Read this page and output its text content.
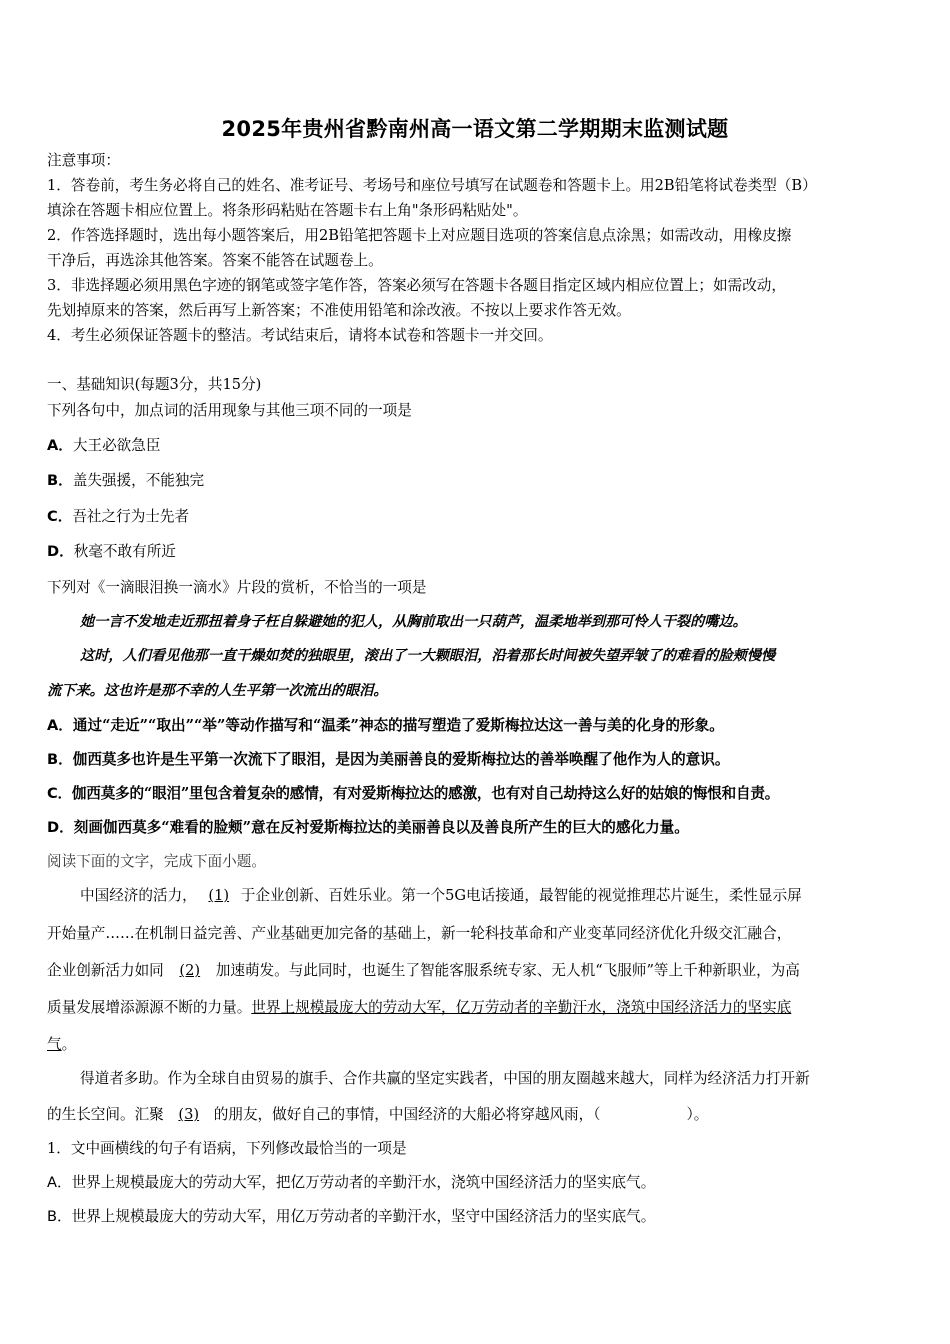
2025年贵州省黔南州高一语文第二学期期末监测试题
注意事项：
1．答卷前，考生务必将自己的姓名、准考证号、考场号和座位号填写在试题卷和答题卡上。用2B铅笔将试卷类型（B）
填涂在答题卡相应位置上。将条形码粘贴在答题卡右上角"条形码粘贴处"。
2．作答选择题时，选出每小题答案后，用2B铅笔把答题卡上对应题目选项的答案信息点涂黑；如需改动，用橡皮擦
干净后，再选涂其他答案。答案不能答在试题卷上。
3．非选择题必须用黑色字迹的钢笔或签字笔作答，答案必须写在答题卡各题目指定区域内相应位置上；如需改动，
先划掉原来的答案，然后再写上新答案；不准使用铅笔和涂改液。不按以上要求作答无效。
4．考生必须保证答题卡的整洁。考试结束后，请将本试卷和答题卡一并交回。
一、基础知识(每题3分，共15分)
下列各句中，加点词的活用现象与其他三项不同的一项是
A．大王必欲急臣
B．盖失强援，不能独完
C．吾社之行为士先者
D．秋毫不敢有所近
下列对《一滴眼泪换一滴水》片段的赏析，不恰当的一项是
她一言不发地走近那扭着身子枉自躲避她的犯人，从胸前取出一只葫芦，温柔地举到那可怜人干裂的嘴边。
这时，人们看见他那一直干燥如焚的独眼里，滚出了一大颗眼泪，沿着那长时间被失望弄皱了的难看的脸颊慢慢
流下来。这也许是那不幸的人生平第一次流出的眼泪。
A．通过“走近”“取出”“举”等动作描写和“温柔”神态的描写塑造了爱斯梅拉达这一善与美的化身的形象。
B．伽西莫多也许是生平第一次流下了眼泪，是因为美丽善良的爱斯梅拉达的善举唤醒了他作为人的意识。
C．伽西莫多的“眼泪”里包含着复杂的感情，有对爱斯梅拉达的感激，也有对自己劫持这么好的姑娘的悔恨和自责。
D．刻画伽西莫多“难看的脸颊”意在反衬爱斯梅拉达的美丽善良以及善良所产生的巨大的感化力量。
阅读下面的文字，完成下面小题。
中国经济的活力， (1) 于企业创新、百姓乐业。第一个5G电话接通，最智能的视觉推理芯片诞生，柔性显示屏
开始量产……在机制日益完善、产业基础更加完备的基础上，新一轮科技革命和产业变革同经济优化升级交汇融合，
企业创新活力如同 (2) 加速萌发。与此同时，也诞生了智能客服系统专家、无人机“飞服师”等上千种新职业，为高
质量发展增添源源不断的力量。世界上规模最庞大的劳动大军，亿万劳动者的辛勤汗水，浇筑中国经济活力的坚实底
气。
得道者多助。作为全球自由贸易的旗手、合作共赢的坚定实践者，中国的朋友圈越来越大，同样为经济活力打开新
的生长空间。汇聚 (3) 的朋友，做好自己的事情，中国经济的大船必将穿越风雨，（	）。
1．文中画横线的句子有语病，下列修改最恰当的一项是
A．世界上规模最庞大的劳动大军，把亿万劳动者的辛勤汗水，浇筑中国经济活力的坚实底气。
B．世界上规模最庞大的劳动大军，用亿万劳动者的辛勤汗水，坚守中国经济活力的坚实底气。
